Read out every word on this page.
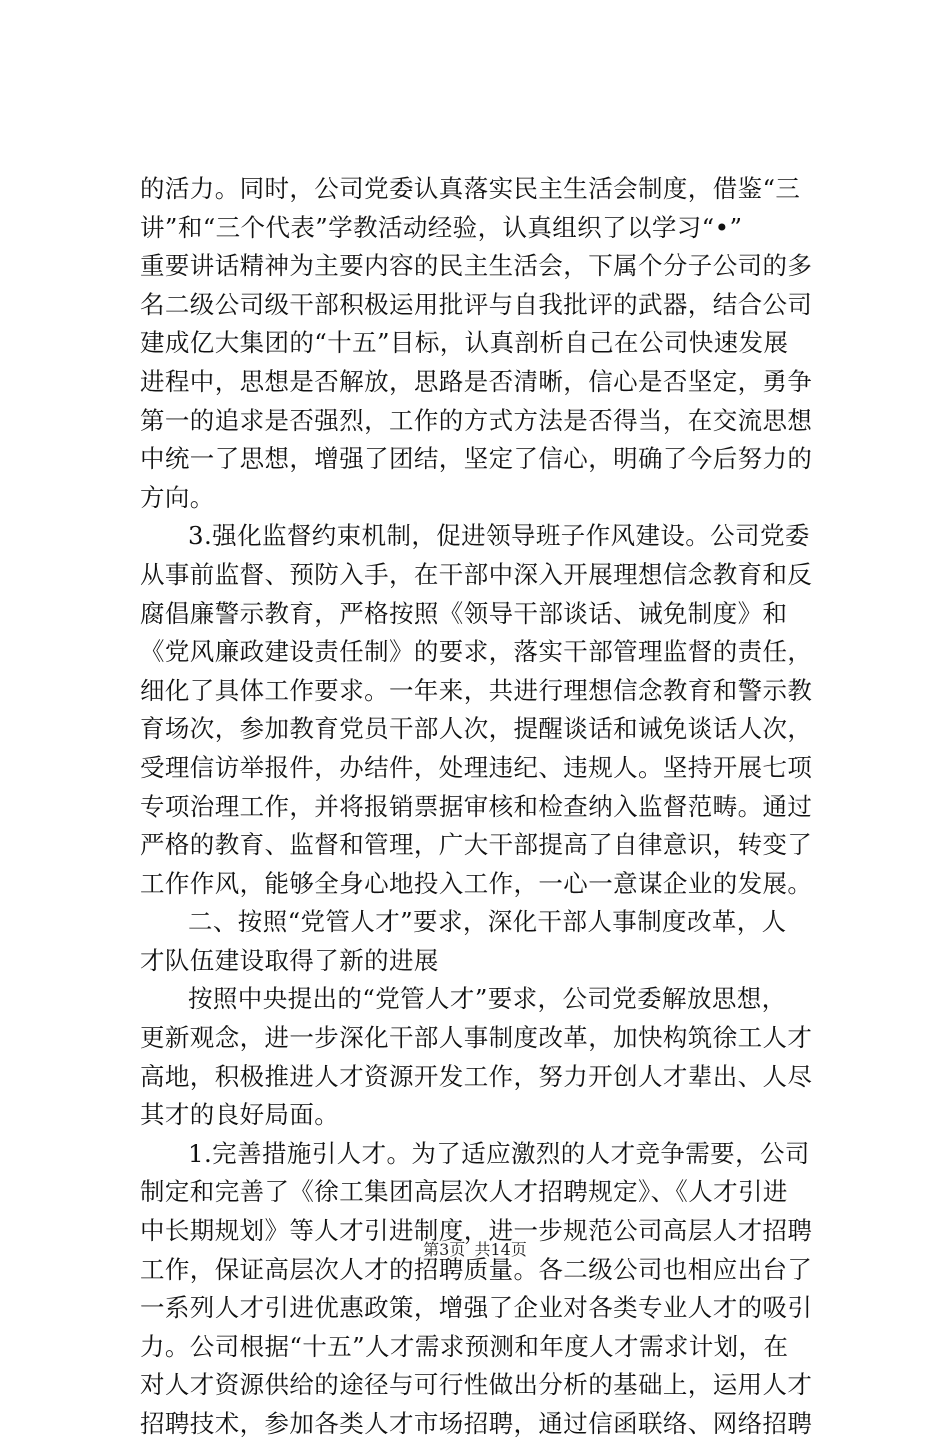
的活力。同时，公司党委认真落实民主生活会制度，借鉴“三
讲”和“三个代表”学教活动经验，认真组织了以学习“•”
重要讲话精神为主要内容的民主生活会，下属个分子公司的多
名二级公司级干部积极运用批评与自我批评的武器，结合公司
建成亿大集团的“十五”目标，认真剖析自己在公司快速发展
进程中，思想是否解放，思路是否清晰，信心是否坚定，勇争
第一的追求是否强烈，工作的方式方法是否得当，在交流思想
中统一了思想，增强了团结，坚定了信心，明确了今后努力的
方向。
3.强化监督约束机制，促进领导班子作风建设。公司党委
从事前监督、预防入手，在干部中深入开展理想信念教育和反
腐倡廉警示教育，严格按照《领导干部谈话、诫免制度》和
《党风廉政建设责任制》的要求，落实干部管理监督的责任，
细化了具体工作要求。一年来，共进行理想信念教育和警示教
育场次，参加教育党员干部人次，提醒谈话和诫免谈话人次，
受理信访举报件，办结件，处理违纪、违规人。坚持开展七项
专项治理工作，并将报销票据审核和检查纳入监督范畴。通过
严格的教育、监督和管理，广大干部提高了自律意识，转变了
工作作风，能够全身心地投入工作，一心一意谋企业的发展。
二、按照“党管人才”要求，深化干部人事制度改革，人
才队伍建设取得了新的进展
按照中央提出的“党管人才”要求，公司党委解放思想，
更新观念，进一步深化干部人事制度改革，加快构筑徐工人才
高地，积极推进人才资源开发工作，努力开创人才辈出、人尽
其才的良好局面。
1.完善措施引人才。为了适应激烈的人才竞争需要，公司
制定和完善了《徐工集团高层次人才招聘规定》、《人才引进
中长期规划》等人才引进制度，进一步规范公司高层人才招聘
工作，保证高层次人才的招聘质量。各二级公司也相应出台了
一系列人才引进优惠政策，增强了企业对各类专业人才的吸引
力。公司根据“十五”人才需求预测和年度人才需求计划，在
对人才资源供给的途径与可行性做出分析的基础上，运用人才
招聘技术，参加各类人才市场招聘，通过信函联络、网络招聘
第3页 共14页
